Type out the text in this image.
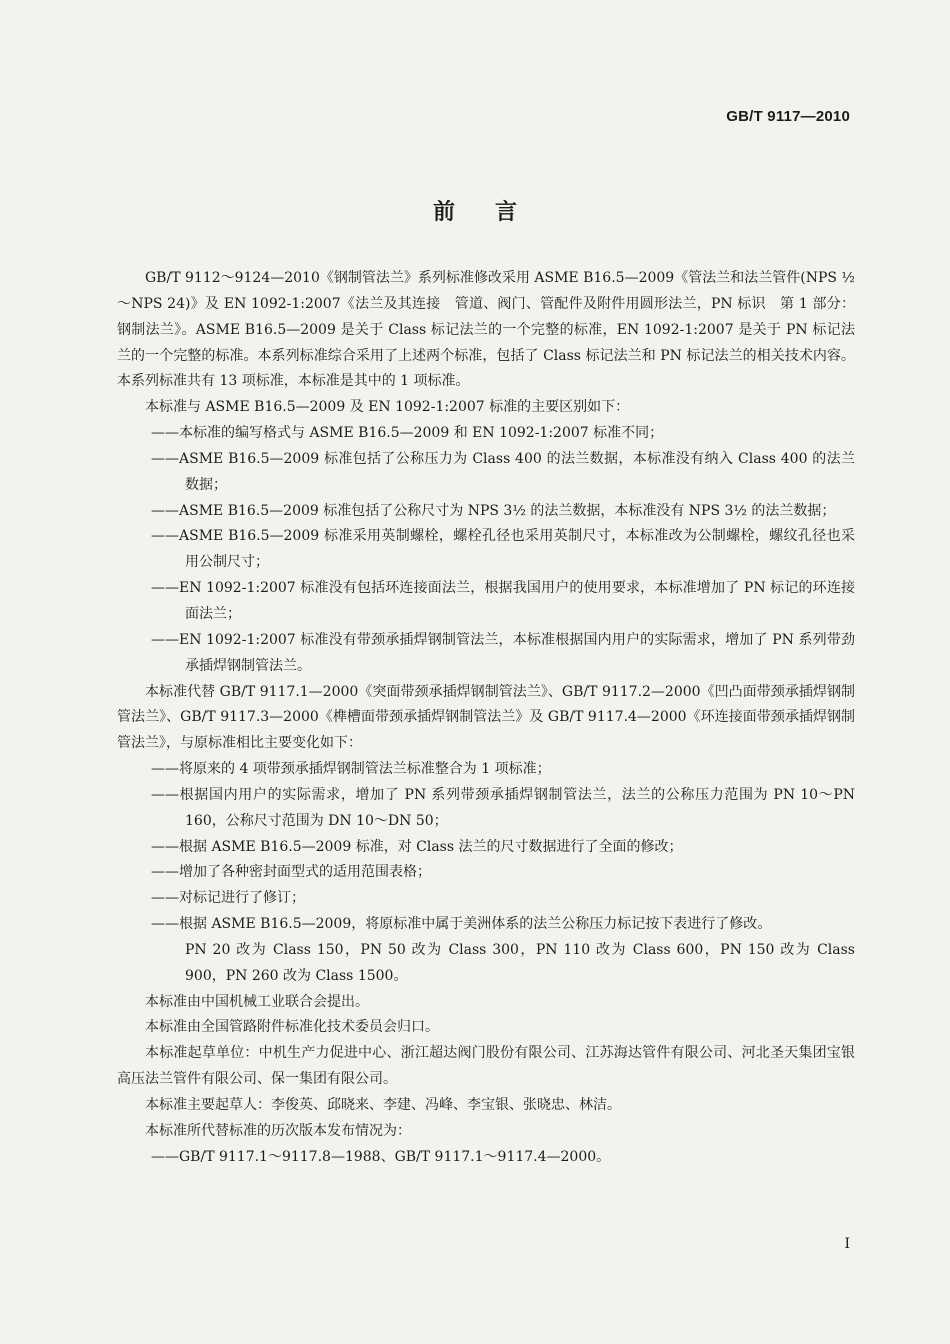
GB/T 9117—2010
前言

GB/T 9112～9124—2010《钢制管法兰》系列标准修改采用 ASME B16.5—2009《管法兰和法兰管件(NPS ½～NPS 24)》及 EN 1092-1:2007《法兰及其连接　管道、阀门、管配件及附件用圆形法兰，PN 标识　第 1 部分：钢制法兰》。ASME B16.5—2009 是关于 Class 标记法兰的一个完整的标准，EN 1092-1:2007 是关于 PN 标记法兰的一个完整的标准。本系列标准综合采用了上述两个标准，包括了 Class 标记法兰和 PN 标记法兰的相关技术内容。本系列标准共有 13 项标准，本标准是其中的 1 项标准。

本标准与 ASME B16.5—2009 及 EN 1092-1:2007 标准的主要区别如下：

——本标准的编写格式与 ASME B16.5—2009 和 EN 1092-1:2007 标准不同；

——ASME B16.5—2009 标准包括了公称压力为 Class 400 的法兰数据，本标准没有纳入 Class 400 的法兰数据；

——ASME B16.5—2009 标准包括了公称尺寸为 NPS 3½ 的法兰数据，本标准没有 NPS 3½ 的法兰数据；

——ASME B16.5—2009 标准采用英制螺栓，螺栓孔径也采用英制尺寸，本标准改为公制螺栓，螺纹孔径也采用公制尺寸；

——EN 1092-1:2007 标准没有包括环连接面法兰，根据我国用户的使用要求，本标准增加了 PN 标记的环连接面法兰；

——EN 1092-1:2007 标准没有带颈承插焊钢制管法兰，本标准根据国内用户的实际需求，增加了 PN 系列带劲承插焊钢制管法兰。

本标准代替 GB/T 9117.1—2000《突面带颈承插焊钢制管法兰》、GB/T 9117.2—2000《凹凸面带颈承插焊钢制管法兰》、GB/T 9117.3—2000《榫槽面带颈承插焊钢制管法兰》及 GB/T 9117.4—2000《环连接面带颈承插焊钢制管法兰》，与原标准相比主要变化如下：

——将原来的 4 项带颈承插焊钢制管法兰标准整合为 1 项标准；

——根据国内用户的实际需求，增加了 PN 系列带颈承插焊钢制管法兰，法兰的公称压力范围为 PN 10～PN 160，公称尺寸范围为 DN 10～DN 50；

——根据 ASME B16.5—2009 标准，对 Class 法兰的尺寸数据进行了全面的修改；

——增加了各种密封面型式的适用范围表格；

——对标记进行了修订；

——根据 ASME B16.5—2009，将原标准中属于美洲体系的法兰公称压力标记按下表进行了修改。

PN 20 改为 Class 150，PN 50 改为 Class 300，PN 110 改为 Class 600，PN 150 改为 Class 900，PN 260 改为 Class 1500。

本标准由中国机械工业联合会提出。

本标准由全国管路附件标准化技术委员会归口。

本标准起草单位：中机生产力促进中心、浙江超达阀门股份有限公司、江苏海达管件有限公司、河北圣天集团宝银高压法兰管件有限公司、保一集团有限公司。

本标准主要起草人：李俊英、邱晓来、李建、冯峰、李宝银、张晓忠、林洁。

本标准所代替标准的历次版本发布情况为：

——GB/T 9117.1～9117.8—1988、GB/T 9117.1～9117.4—2000。

I
